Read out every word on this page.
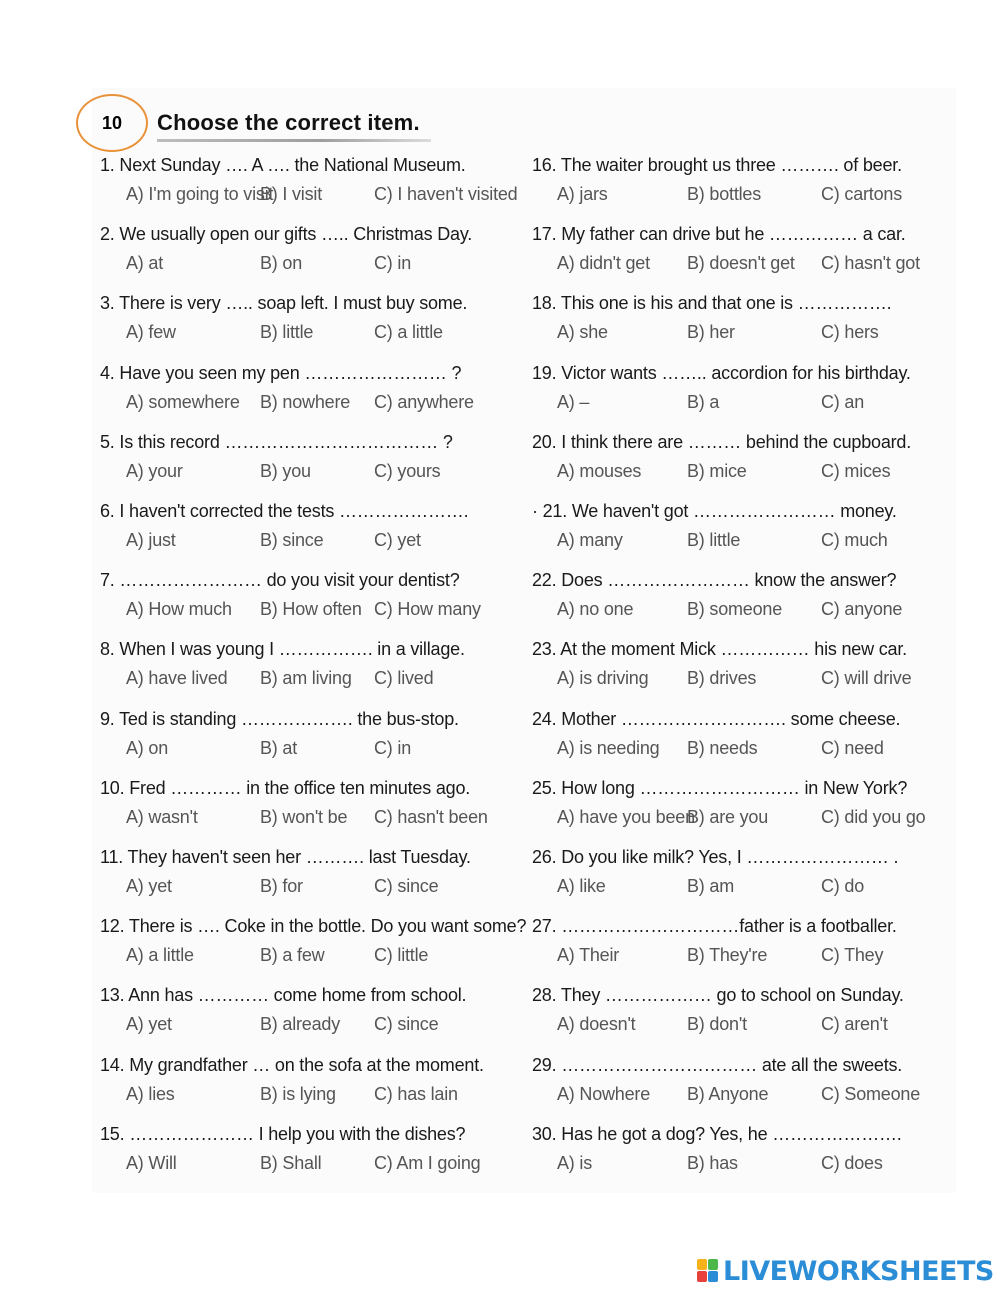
10	Choose the correct item.
1. Next Sunday …. A …. the National Museum.
A) I'm going to visit
B) I visit	C) I haven't visited
2. We usually open our gifts ….. Christmas Day.
A) at	B) on	C) in
3. There is very ….. soap left. I must buy some.
A) few	B) little	C) a little
4. Have you seen my pen …………………… ?
A) somewhere B) nowhere C) anywhere
5. Is this record ……………………………… ?
A) your	B) you	C) yours
6. I haven't corrected the tests ………………….
A) just	B) since	C) yet
7. …………………… do you visit your dentist?
A) How much B) How often C) How many
8. When I was young I ……………. in a village.
A) have lived B) am living C) lived
9. Ted is standing ………………. the bus-stop.
A) on	B) at	C) in
10. Fred ………… in the office ten minutes ago.
A) wasn't	B) won't be C) hasn't been
11. They haven't seen her ………. last Tuesday.
A) yet	B) for	C) since
12. There is …. Coke in the bottle. Do you want some?
A) a little	B) a few	C) little
13. Ann has ………… come home from school.
A) yet	B) already C) since
14. My grandfather … on the sofa at the moment.
A) lies	B) is lying C) has lain
15. ………………… I help you with the dishes?
A) Will	B) Shall	C) Am I going
16. The waiter brought us three ………. of beer.
A) jars	B) bottles	C) cartons
17. My father can drive but he …………… a car.
A) didn't get B) doesn't get C) hasn't got
18. This one is his and that one is …………….
A) she	B) her	C) hers
19. Victor wants …….. accordion for his birthday.
A) –	B) a	C) an
20. I think there are ……… behind the cupboard.
A) mouses	B) mice	C) mices
· 21. We haven't got …………………… money.
A) many	B) little	C) much
22. Does …………………… know the answer?
A) no one	B) someone C) anyone
23. At the moment Mick …………… his new car.
A) is driving B) drives	C) will drive
24. Mother ………………………. some cheese.
A) is needing B) needs	C) need
25. How long ……………………… in New York?
A) have you been
B) are you	C) did you go
26. Do you like milk? Yes, I …………………… .
A) like	B) am	C) do
27. …………………………father is a footballer.
A) Their	B) They're	C) They
28. They ……………… go to school on Sunday.
A) doesn't	B) don't	C) aren't
29. …………………………… ate all the sweets.
A) Nowhere B) Anyone	C) Someone
30. Has he got a dog? Yes, he ………………….
A) is	B) has	C) does
LIVEWORKSHEETS
